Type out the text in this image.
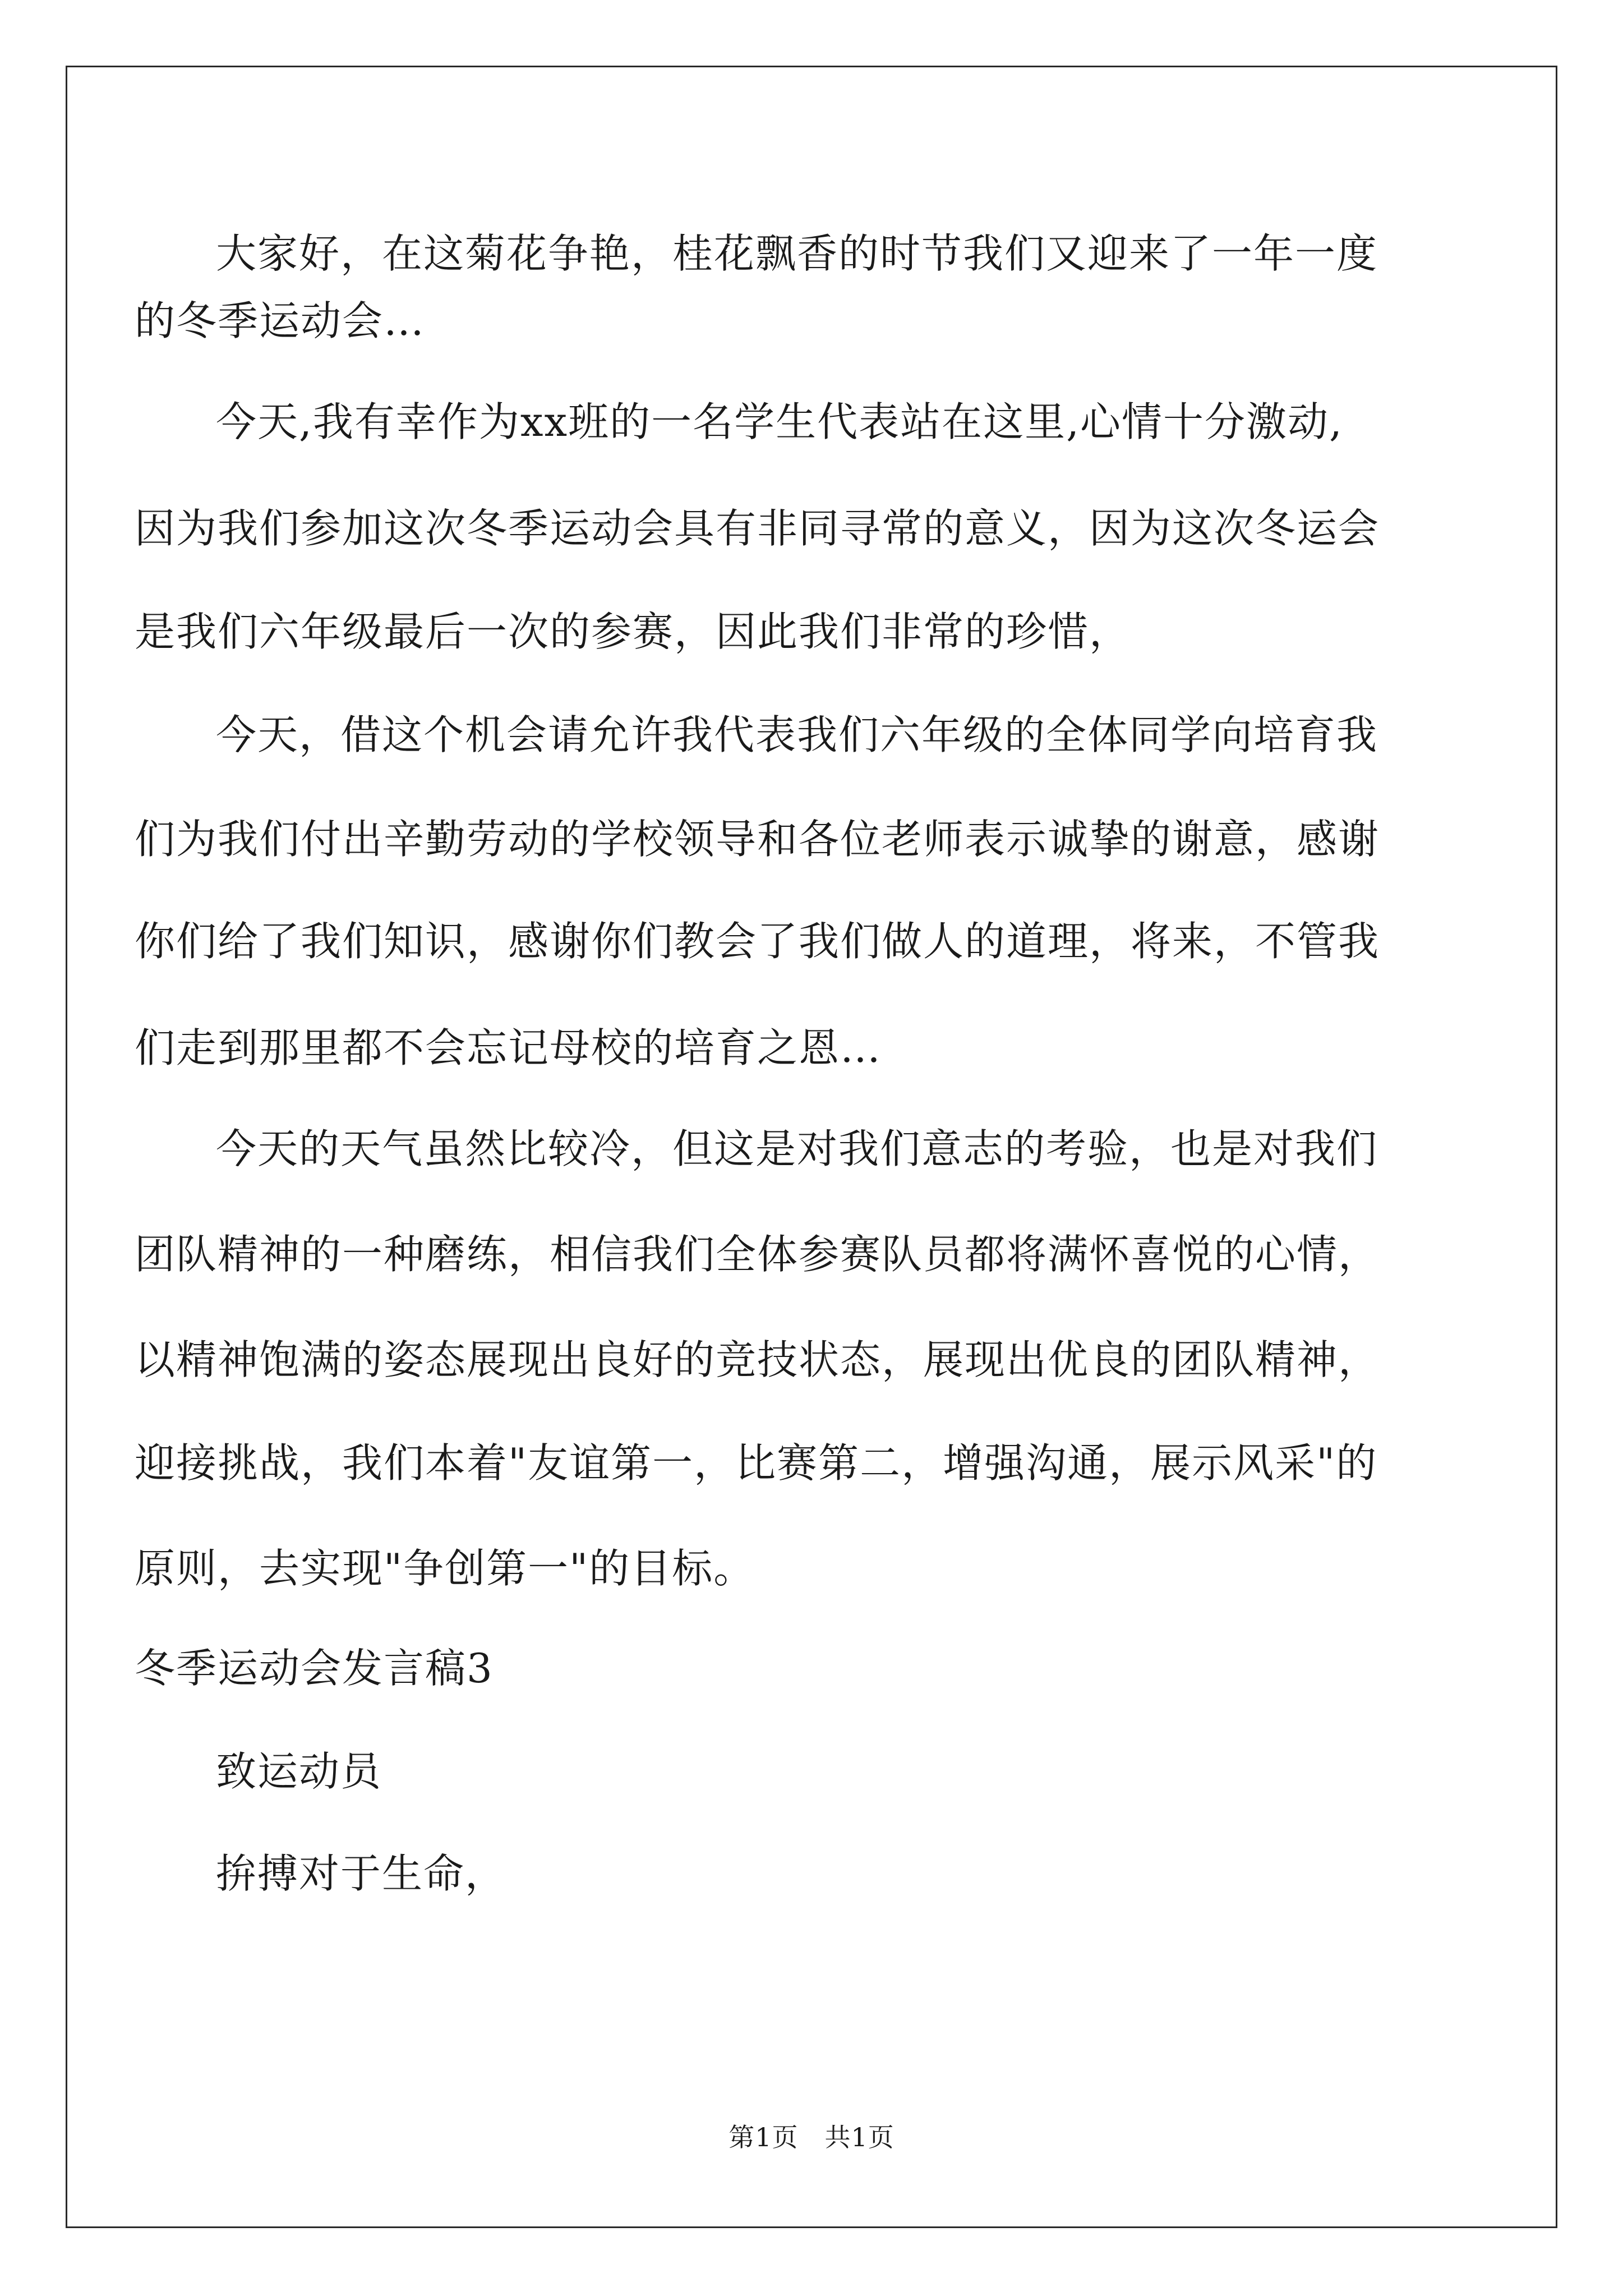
大家好，在这菊花争艳，桂花飘香的时节我们又迎来了一年一度
的冬季运动会…
今天,我有幸作为xx班的一名学生代表站在这里,心情十分激动,
因为我们参加这次冬季运动会具有非同寻常的意义，因为这次冬运会
是我们六年级最后一次的参赛，因此我们非常的珍惜，
今天，借这个机会请允许我代表我们六年级的全体同学向培育我
们为我们付出辛勤劳动的学校领导和各位老师表示诚挚的谢意，感谢
你们给了我们知识，感谢你们教会了我们做人的道理，将来，不管我
们走到那里都不会忘记母校的培育之恩…
今天的天气虽然比较冷，但这是对我们意志的考验，也是对我们
团队精神的一种磨练，相信我们全体参赛队员都将满怀喜悦的心情，
以精神饱满的姿态展现出良好的竞技状态，展现出优良的团队精神，
迎接挑战，我们本着"友谊第一，比赛第二，增强沟通，展示风采"的
原则，去实现"争创第一"的目标。
冬季运动会发言稿3
致运动员
拚搏对于生命，
第1页　共1页
